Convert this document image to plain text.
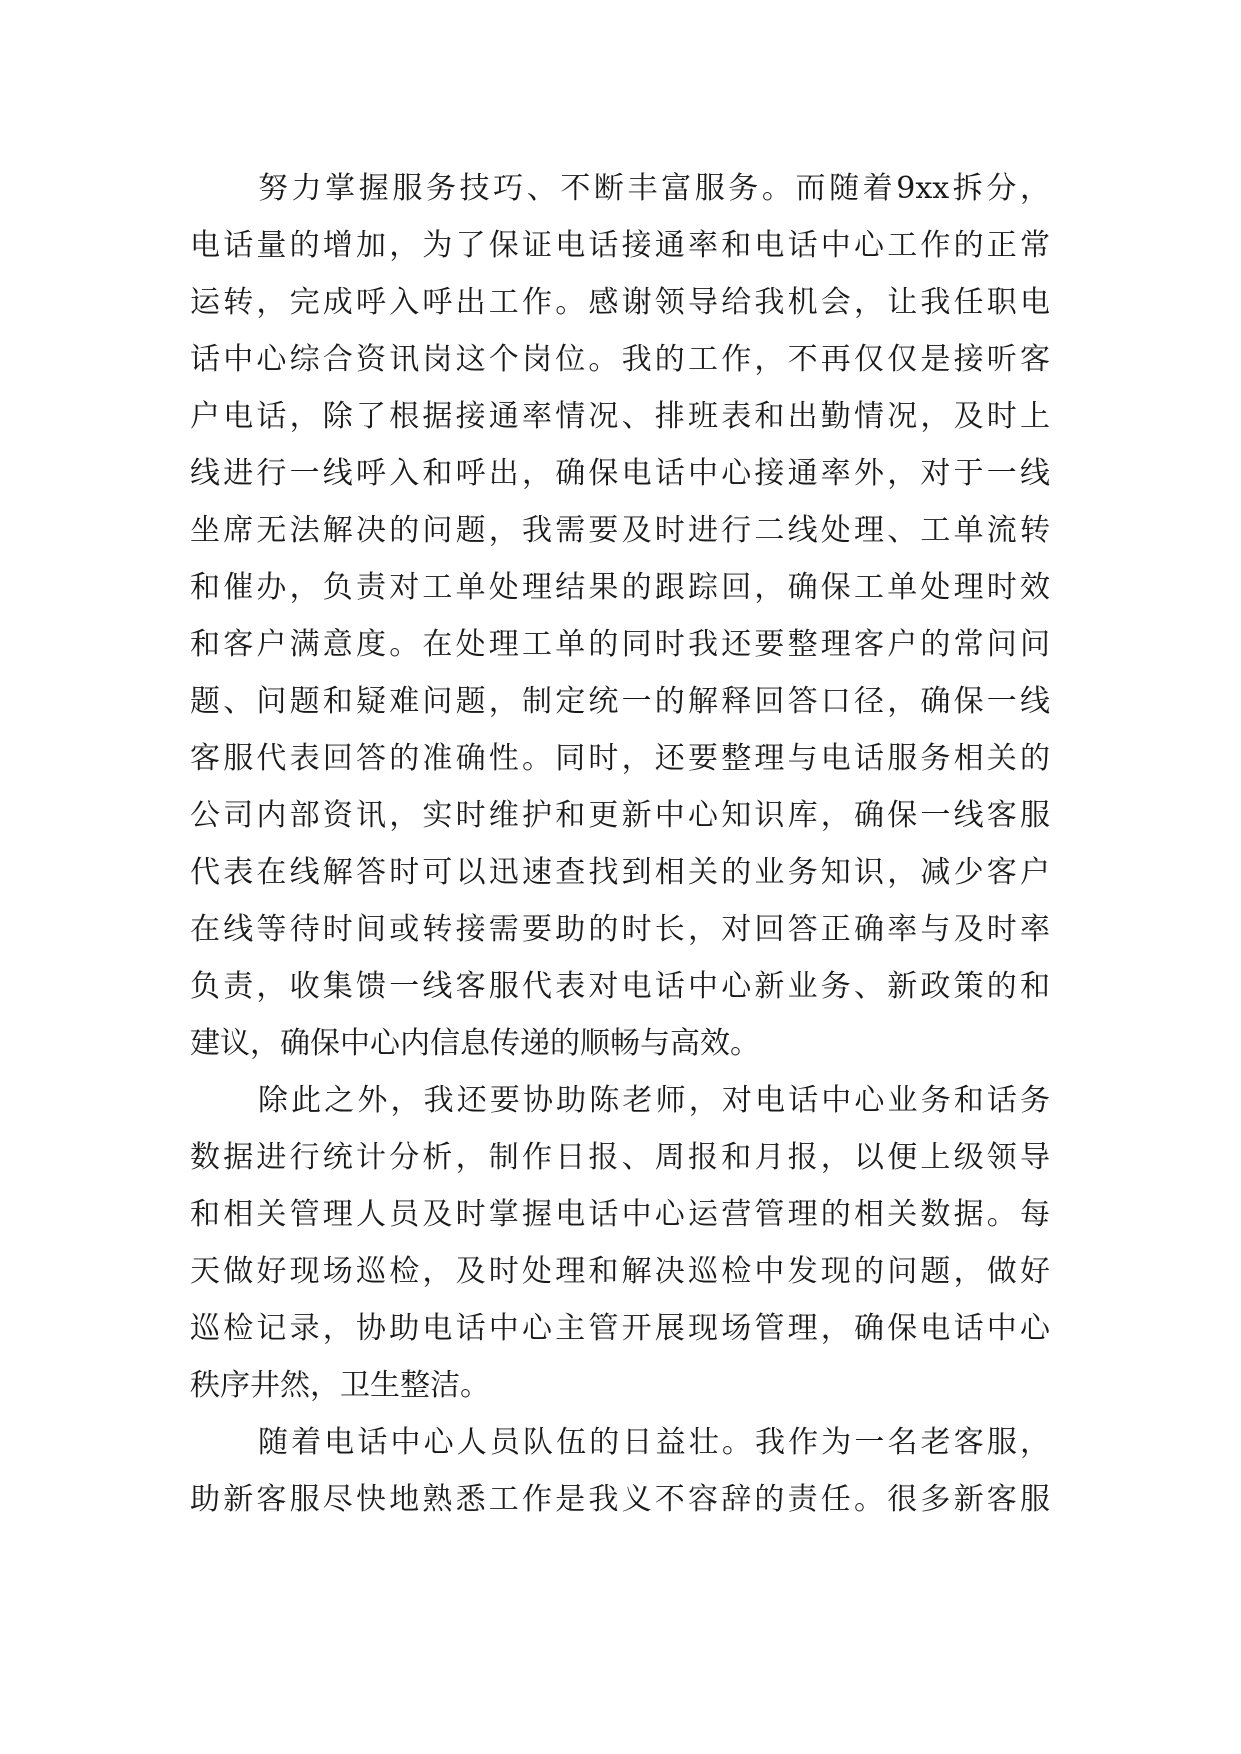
努力掌握服务技巧、不断丰富服务。而随着9xx拆分，
电话量的增加，为了保证电话接通率和电话中心工作的正常
运转，完成呼入呼出工作。感谢领导给我机会，让我任职电
话中心综合资讯岗这个岗位。我的工作，不再仅仅是接听客
户电话，除了根据接通率情况、排班表和出勤情况，及时上
线进行一线呼入和呼出，确保电话中心接通率外，对于一线
坐席无法解决的问题，我需要及时进行二线处理、工单流转
和催办，负责对工单处理结果的跟踪回，确保工单处理时效
和客户满意度。在处理工单的同时我还要整理客户的常问问
题、问题和疑难问题，制定统一的解释回答口径，确保一线
客服代表回答的准确性。同时，还要整理与电话服务相关的
公司内部资讯，实时维护和更新中心知识库，确保一线客服
代表在线解答时可以迅速查找到相关的业务知识，减少客户
在线等待时间或转接需要助的时长，对回答正确率与及时率
负责，收集馈一线客服代表对电话中心新业务、新政策的和
建议，确保中心内信息传递的顺畅与高效。
除此之外，我还要协助陈老师，对电话中心业务和话务
数据进行统计分析，制作日报、周报和月报，以便上级领导
和相关管理人员及时掌握电话中心运营管理的相关数据。每
天做好现场巡检，及时处理和解决巡检中发现的问题，做好
巡检记录，协助电话中心主管开展现场管理，确保电话中心
秩序井然，卫生整洁。
随着电话中心人员队伍的日益壮。我作为一名老客服，
助新客服尽快地熟悉工作是我义不容辞的责任。很多新客服
